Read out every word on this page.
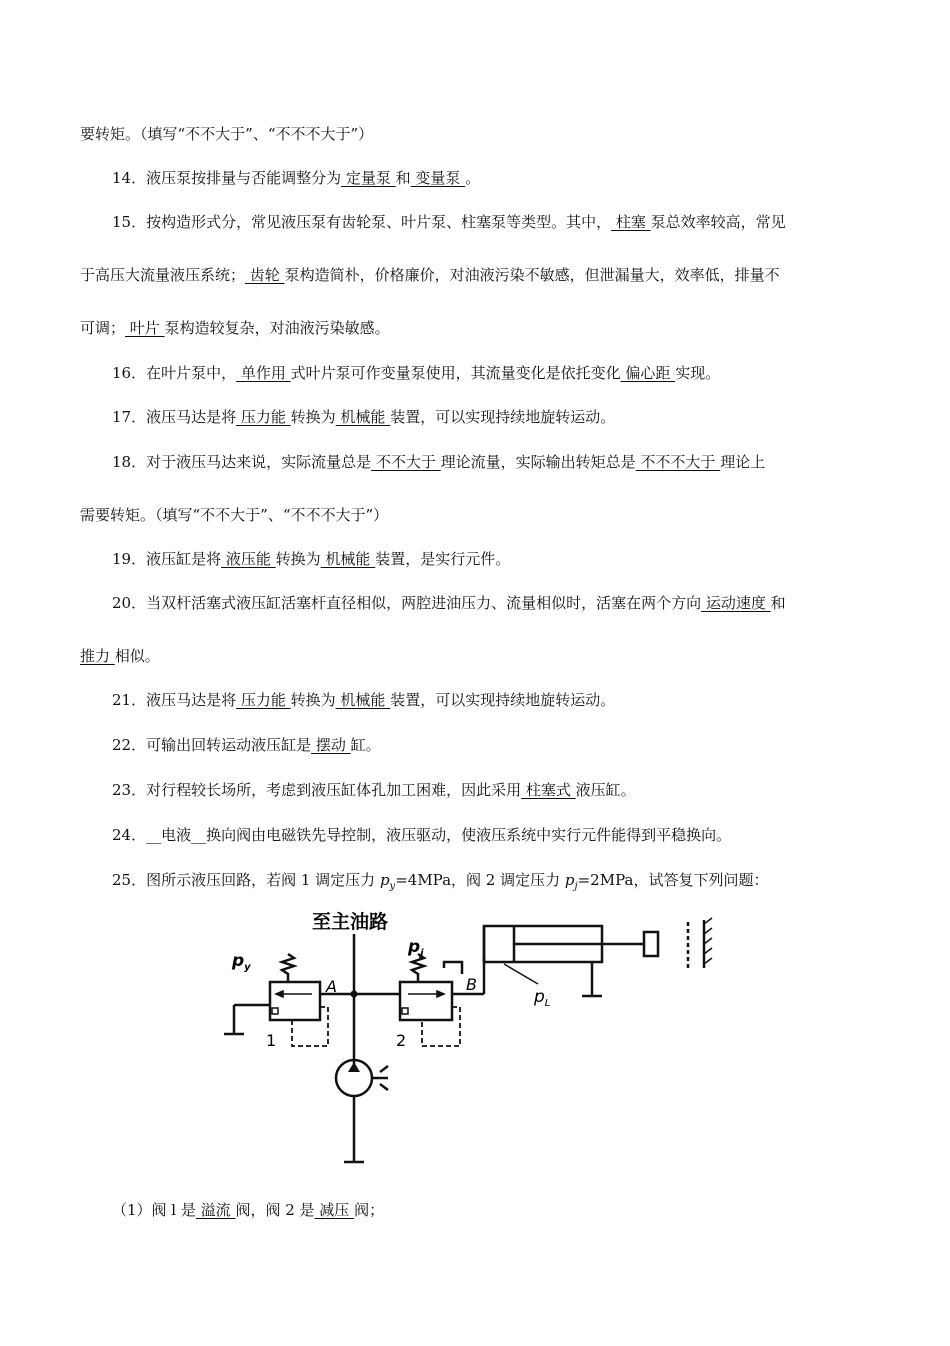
要转矩。（填写“不不大于”、“不不不大于”）
14．液压泵按排量与否能调整分为 定量泵 和 变量泵 。
15．按构造形式分，常见液压泵有齿轮泵、叶片泵、柱塞泵等类型。其中， 柱塞 泵总效率较高，常见
于高压大流量液压系统； 齿轮 泵构造简朴，价格廉价，对油液污染不敏感，但泄漏量大，效率低，排量不
可调； 叶片 泵构造较复杂，对油液污染敏感。
16．在叶片泵中， 单作用 式叶片泵可作变量泵使用，其流量变化是依托变化 偏心距 实现。
17．液压马达是将 压力能 转换为 机械能 装置，可以实现持续地旋转运动。
18．对于液压马达来说，实际流量总是 不不大于 理论流量，实际输出转矩总是 不不不大于 理论上
需要转矩。（填写“不不大于”、“不不不大于”）
19．液压缸是将 液压能 转换为 机械能 装置，是实行元件。
20．当双杆活塞式液压缸活塞杆直径相似，两腔进油压力、流量相似时，活塞在两个方向 运动速度 和
推力 相似。
21．液压马达是将 压力能 转换为 机械能 装置，可以实现持续地旋转运动。
22．可输出回转运动液压缸是 摆动 缸。
23．对行程较长场所，考虑到液压缸体孔加工困难，因此采用 柱塞式 液压缸。
24．__电液__换向阀由电磁铁先导控制，液压驱动，使液压系统中实行元件能得到平稳换向。
25．图所示液压回路，若阀 1 调定压力 $p_y=4MPa$，阀 2 调定压力 $p_j=2MPa$，试答复下列问题：
至主油路
$p_y$
$p_j$
$p_L$
A	B
1	2
（1）阀 l 是 溢流 阀，阀 2 是 减压 阀；
